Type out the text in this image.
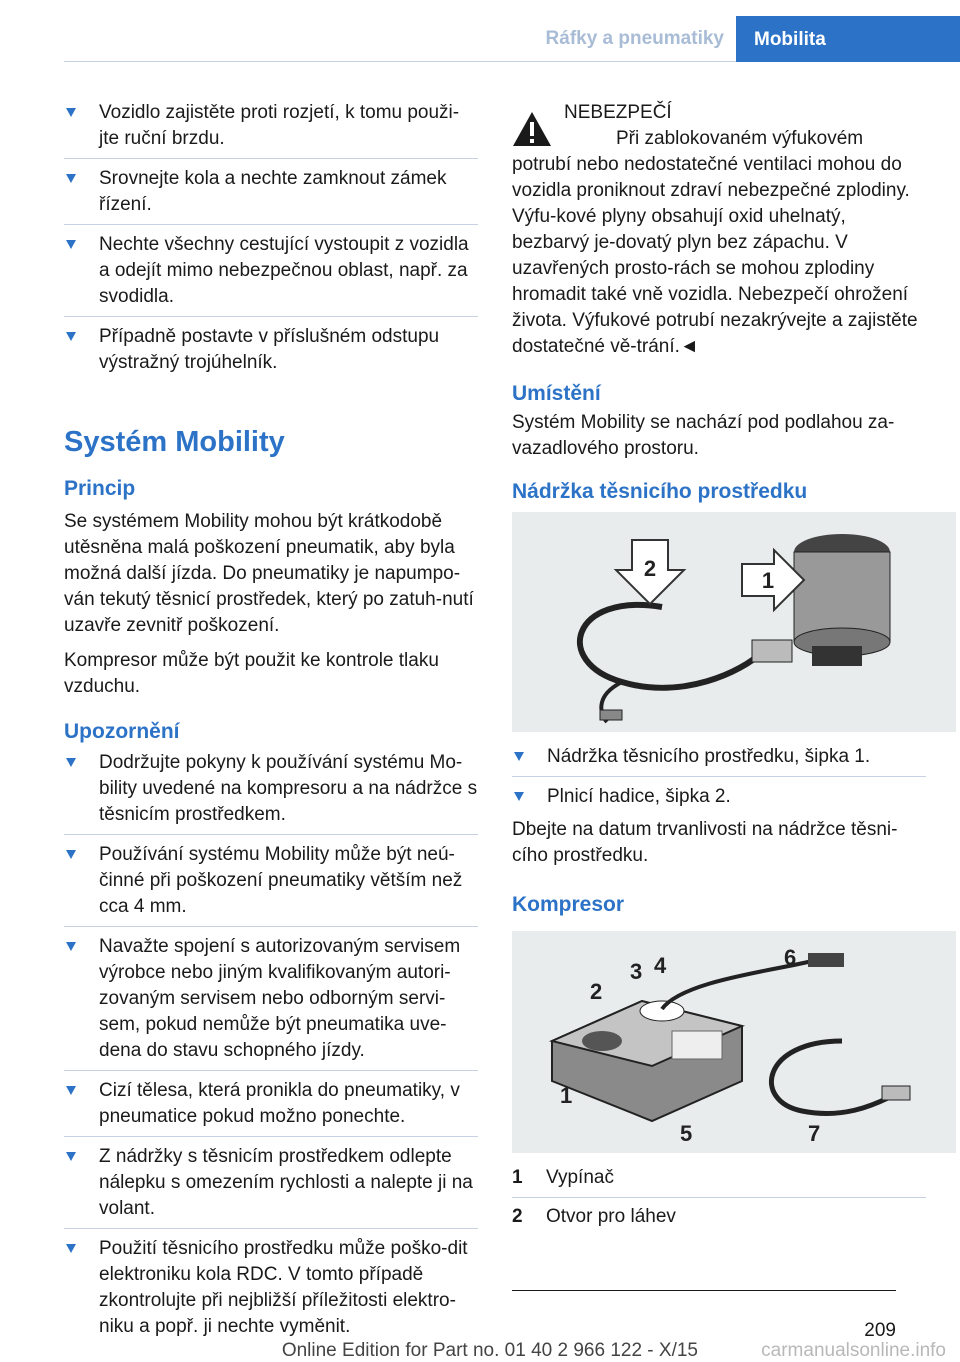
Ráfky a pneumatiky	Mobilita
Vozidlo zajistěte proti rozjetí, k tomu použi‐jte ruční brzdu.
Srovnejte kola a nechte zamknout zámek řízení.
Nechte všechny cestující vystoupit z vozidla a odejít mimo nebezpečnou oblast, např. za svodidla.
Případně postavte v příslušném odstupu výstražný trojúhelník.
Systém Mobility
Princip

Se systémem Mobility mohou být krátkodobě utěsněna malá poškození pneumatik, aby byla možná další jízda. Do pneumatiky je napumpo‐ván tekutý těsnicí prostředek, který po zatuh‐nutí uzavře zevnitř poškození.

Kompresor může být použit ke kontrole tlaku vzduchu.

Upozornění
Dodržujte pokyny k používání systému Mo‐bility uvedené na kompresoru a na nádržce s těsnicím prostředkem.
Používání systému Mobility může být neú‐činné při poškození pneumatiky větším než cca 4 mm.
Navažte spojení s autorizovaným servisem výrobce nebo jiným kvalifikovaným autori‐zovaným servisem nebo odborným servi‐sem, pokud nemůže být pneumatika uve‐dena do stavu schopného jízdy.
Cizí tělesa, která pronikla do pneumatiky, v pneumatice pokud možno ponechte.
Z nádržky s těsnicím prostředkem odlepte nálepku s omezením rychlosti a nalepte ji na volant.
Použití těsnicího prostředku může poško‐dit elektroniku kola RDC. V tomto případě zkontrolujte při nejbližší příležitosti elektro‐niku a popř. ji nechte vyměnit.
NEBEZPEČÍ
Při zablokovaném výfukovém potrubí nebo nedostatečné ventilaci mohou do vozidla proniknout zdraví nebezpečné zplodiny. Výfu‐kové plyny obsahují oxid uhelnatý, bezbarvý je‐dovatý plyn bez zápachu. V uzavřených prosto‐rách se mohou zplodiny hromadit také vně vozidla. Nebezpečí ohrožení života. Výfukové potrubí nezakrývejte a zajistěte dostatečné vě‐trání.◄
Umístění

Systém Mobility se nachází pod podlahou za‐vazadlového prostoru.

Nádržka těsnicího prostředku
2	1
Nádržka těsnicího prostředku, šipka 1.
Plnicí hadice, šipka 2.

Dbejte na datum trvanlivosti na nádržce těsni‐cího prostředku.

Kompresor
2
3 4	6
1
5	7
1	Vypínač
2	Otvor pro láhev
209
Online Edition for Part no. 01 40 2 966 122 - X/15	carmanualsonline.info
